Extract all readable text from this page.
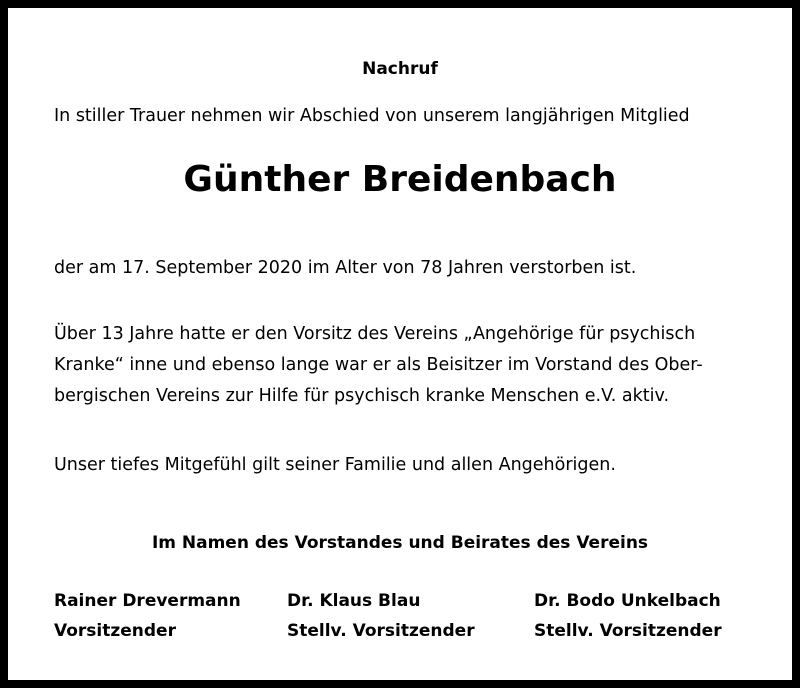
Nachruf
In stiller Trauer nehmen wir Abschied von unserem langjährigen Mitglied
Günther Breidenbach
der am 17. September 2020 im Alter von 78 Jahren verstorben ist.
Über 13 Jahre hatte er den Vorsitz des Vereins „Angehörige für psychisch
Kranke“ inne und ebenso lange war er als Beisitzer im Vorstand des Ober-
bergischen Vereins zur Hilfe für psychisch kranke Menschen e.V. aktiv.
Unser tiefes Mitgefühl gilt seiner Familie und allen Angehörigen.
Im Namen des Vorstandes und Beirates des Vereins
Rainer Drevermann
Vorsitzender
Dr. Klaus Blau
Stellv. Vorsitzender
Dr. Bodo Unkelbach
Stellv. Vorsitzender
